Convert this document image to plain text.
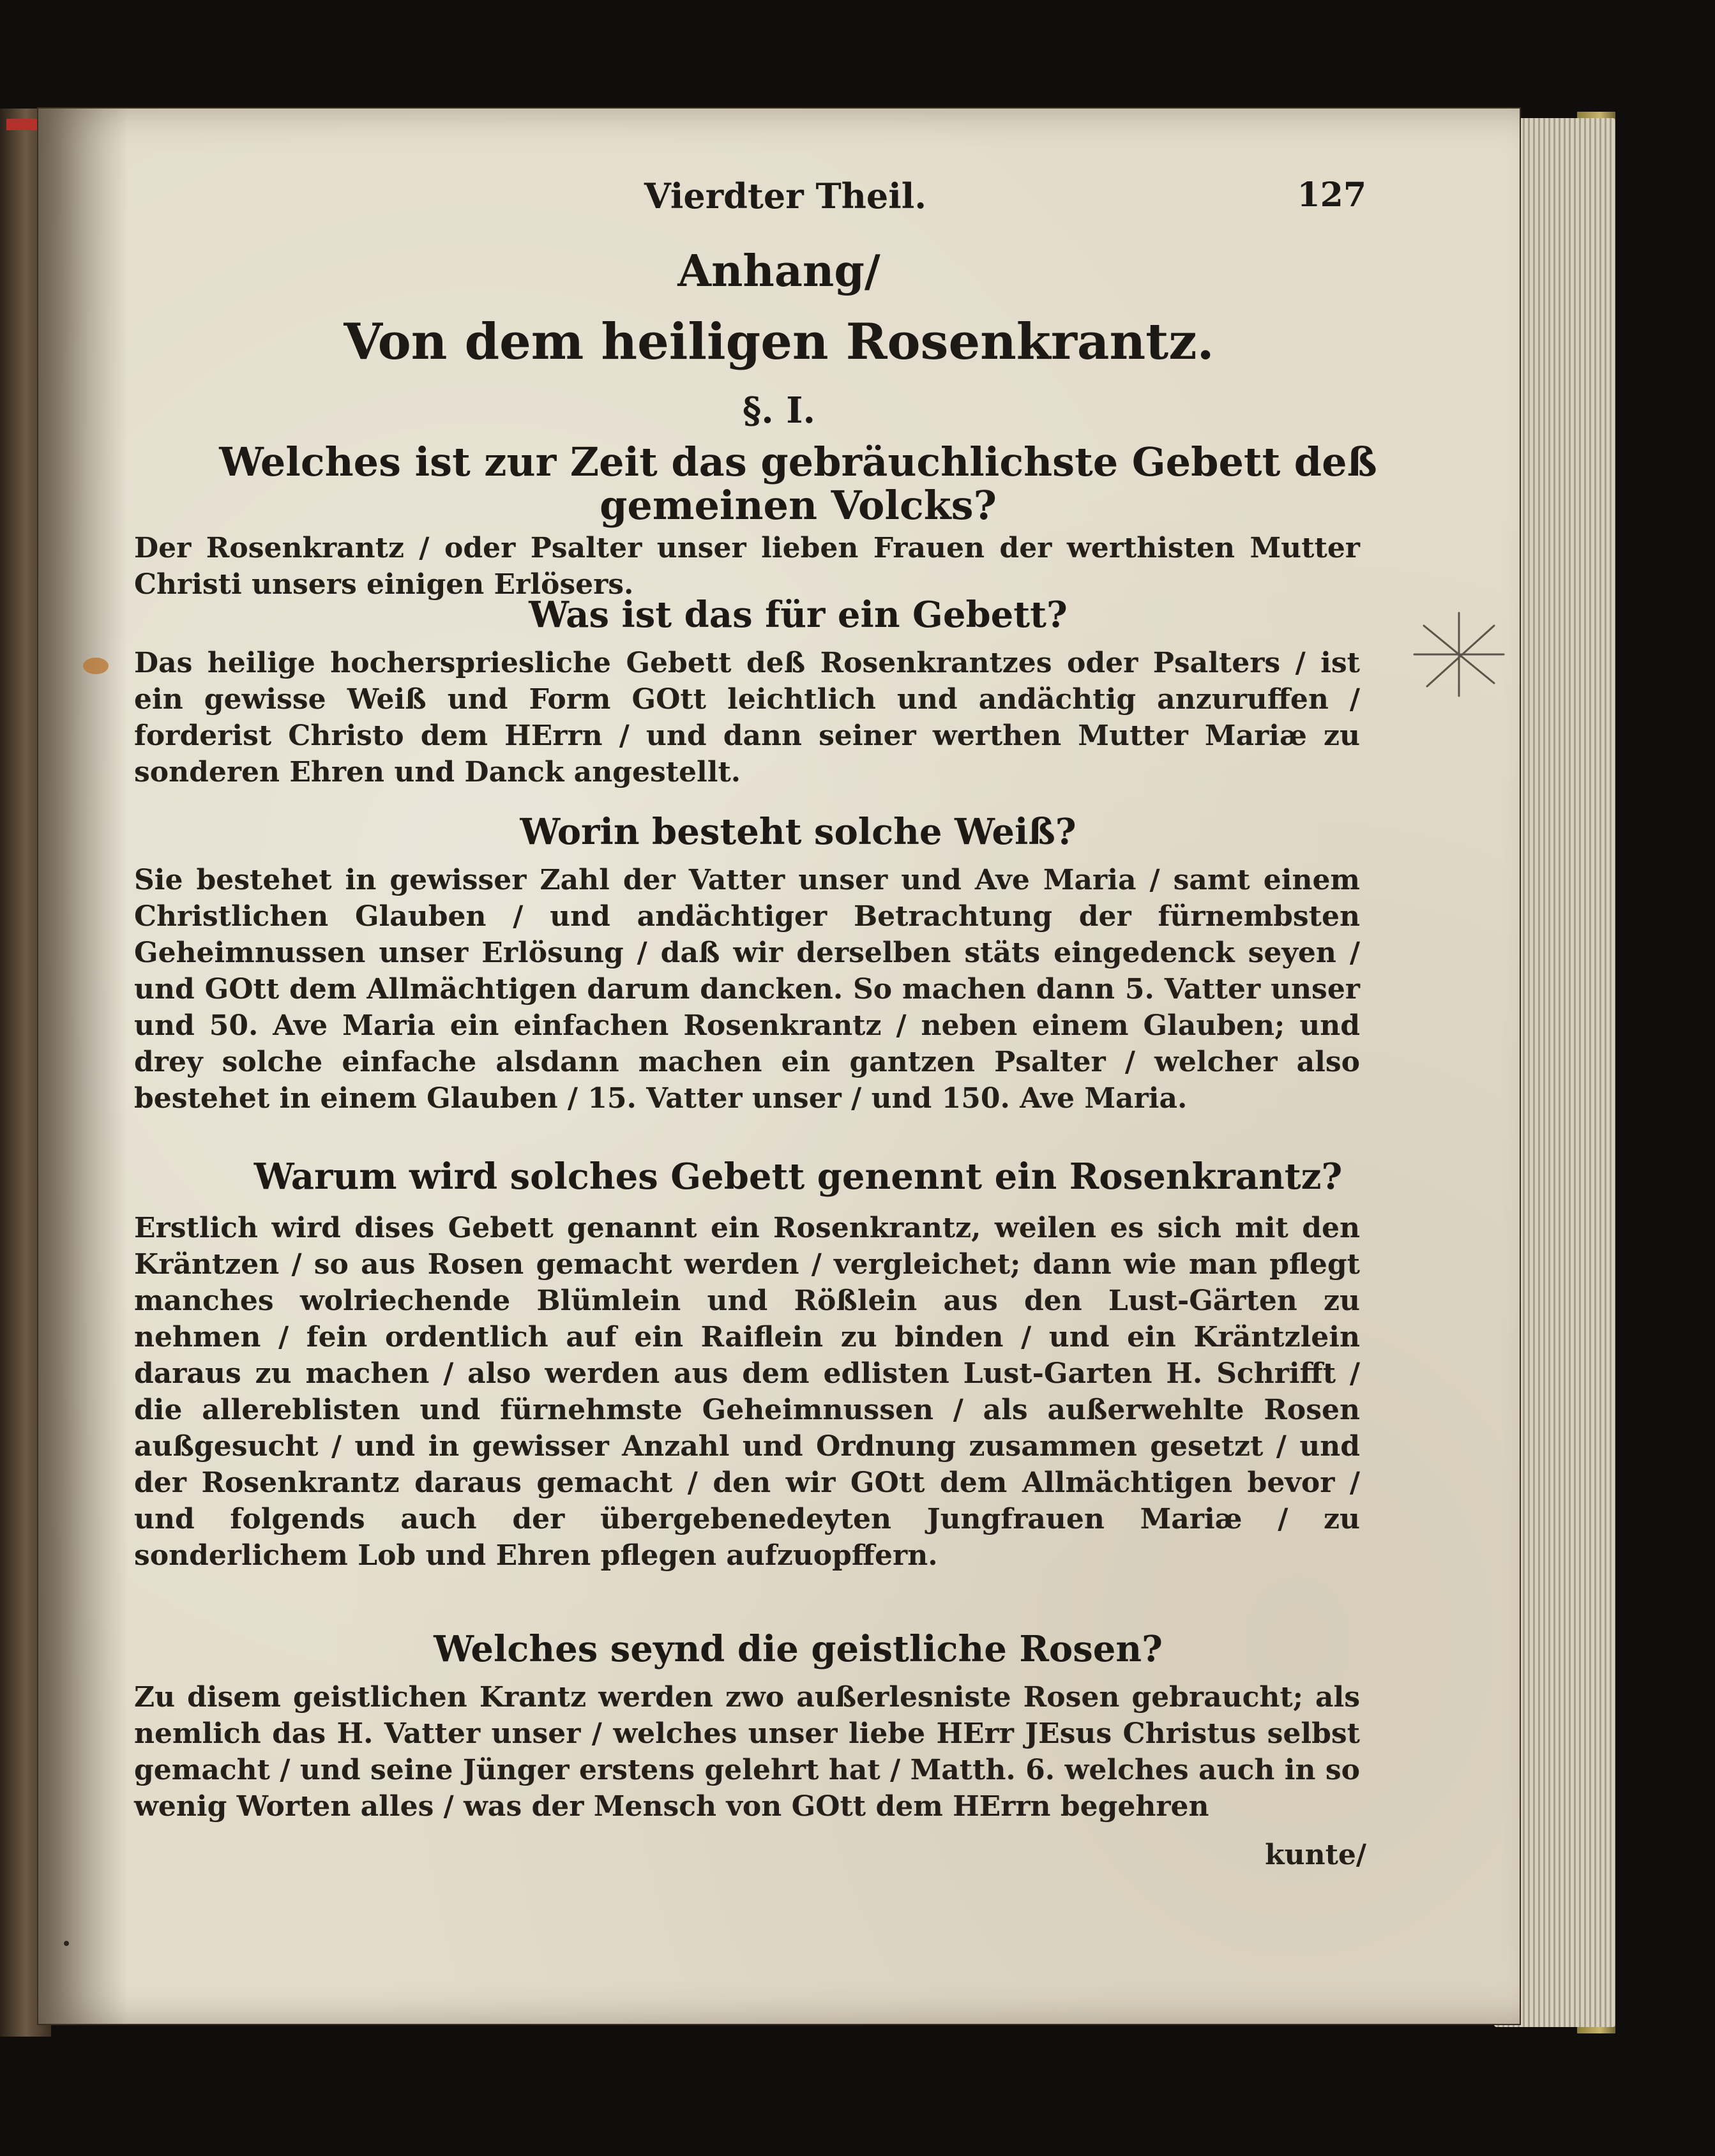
Vierdter Theil.	127
Anhang/
Von dem heiligen Rosenkrantz.
§. I.
Welches ist zur Zeit das gebräuchlichste Gebett deß gemeinen Volcks?
Der Rosenkrantz / oder Psalter unser lieben Frauen der werthisten Mutter Christi unsers einigen Erlösers.
Was ist das für ein Gebett?
Das heilige hocherspriesliche Gebett deß Rosenkrantzes oder Psalters / ist ein gewisse Weiß und Form GOtt leichtlich und andächtig anzuruffen / forderist Christo dem HErrn / und dann seiner werthen Mutter Mariæ zu sonderen Ehren und Danck angestellt.
Worin besteht solche Weiß?
Sie bestehet in gewisser Zahl der Vatter unser und Ave Maria / samt einem Christlichen Glauben / und andächtiger Betrachtung der fürnembsten Geheimnussen unser Erlösung / daß wir derselben stäts eingedenck seyen / und GOtt dem Allmächtigen darum dancken. So machen dann 5. Vatter unser und 50. Ave Maria ein einfachen Rosenkrantz / neben einem Glauben; und drey solche einfache alsdann machen ein gantzen Psalter / welcher also bestehet in einem Glauben / 15. Vatter unser / und 150. Ave Maria.
Warum wird solches Gebett genennt ein Rosenkrantz?
Erstlich wird dises Gebett genannt ein Rosenkrantz, weilen es sich mit den Kräntzen / so aus Rosen gemacht werden / vergleichet; dann wie man pflegt manches wolriechende Blümlein und Rößlein aus den Lust-Gärten zu nehmen / fein ordentlich auf ein Raiflein zu binden / und ein Kräntzlein daraus zu machen / also werden aus dem edlisten Lust-Garten H. Schrifft / die allereblisten und fürnehmste Geheimnussen / als außerwehlte Rosen außgesucht / und in gewisser Anzahl und Ordnung zusammen gesetzt / und der Rosenkrantz daraus gemacht / den wir GOtt dem Allmächtigen bevor / und folgends auch der übergebenedeyten Jungfrauen Mariæ / zu sonderlichem Lob und Ehren pflegen aufzuopffern.
Welches seynd die geistliche Rosen?
Zu disem geistlichen Krantz werden zwo außerlesniste Rosen gebraucht; als nemlich das H. Vatter unser / welches unser liebe HErr JEsus Christus selbst gemacht / und seine Jünger erstens gelehrt hat / Matth. 6. welches auch in so wenig Worten alles / was der Mensch von GOtt dem HErrn begehren
kunte/
